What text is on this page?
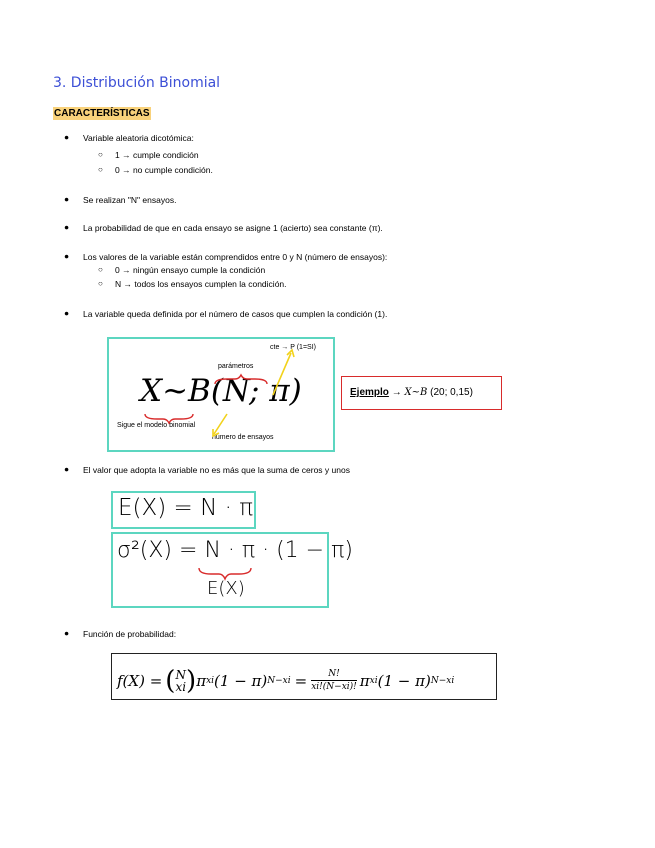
3. Distribución Binomial
CARACTERÍSTICAS
● Variable aleatoria dicotómica:
○ 1 → cumple condición
○ 0 → no cumple condición.
● Se realizan "N" ensayos.
● La probabilidad de que en cada ensayo se asigne 1 (acierto) sea constante (π).
● Los valores de la variable están comprendidos entre 0 y N (número de ensayos):
○ 0 → ningún ensayo cumple la condición
○ N → todos los ensayos cumplen la condición.
● La variable queda definida por el número de casos que cumplen la condición (1).
cte → P (1=SI)
parámetros
X~B(N; π)
Sigue el modelo binomial
número de ensayos
Ejemplo → X~B (20; 0,15)
● El valor que adopta la variable no es más que la suma de ceros y unos
E(X) = N · π
σ²(X) = N · π · (1 − π)
E(X)
● Función de probabilidad:
f(X) = ( N
xi ) π xi (1 − π) $N-xi = \frac{N!}{xi!(N-xi)!}$ π xi (1 − π) N−xi
